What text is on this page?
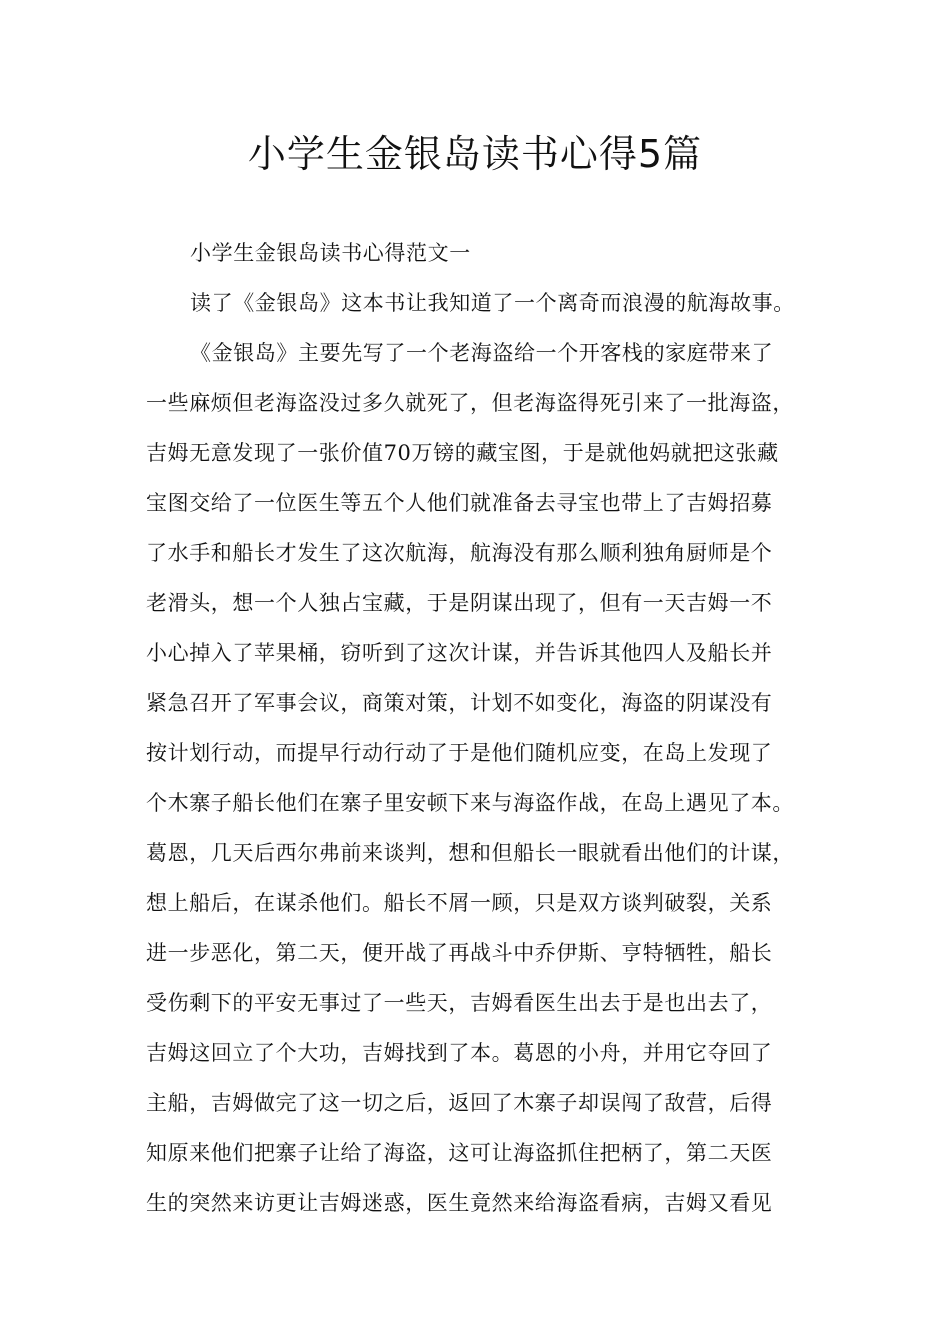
小学生金银岛读书心得5篇
小学生金银岛读书心得范文一
读了《金银岛》这本书让我知道了一个离奇而浪漫的航海故事。
《金银岛》主要先写了一个老海盗给一个开客栈的家庭带来了
一些麻烦但老海盗没过多久就死了，但老海盗得死引来了一批海盗，
吉姆无意发现了一张价值70万镑的藏宝图，于是就他妈就把这张藏
宝图交给了一位医生等五个人他们就准备去寻宝也带上了吉姆招募
了水手和船长才发生了这次航海，航海没有那么顺利独角厨师是个
老滑头，想一个人独占宝藏，于是阴谋出现了，但有一天吉姆一不
小心掉入了苹果桶，窃听到了这次计谋，并告诉其他四人及船长并
紧急召开了军事会议，商策对策，计划不如变化，海盗的阴谋没有
按计划行动，而提早行动行动了于是他们随机应变，在岛上发现了
个木寨子船长他们在寨子里安顿下来与海盗作战，在岛上遇见了本。
葛恩，几天后西尔弗前来谈判，想和但船长一眼就看出他们的计谋，
想上船后，在谋杀他们。船长不屑一顾，只是双方谈判破裂，关系
进一步恶化，第二天，便开战了再战斗中乔伊斯、亨特牺牲，船长
受伤剩下的平安无事过了一些天，吉姆看医生出去于是也出去了，
吉姆这回立了个大功，吉姆找到了本。葛恩的小舟，并用它夺回了
主船，吉姆做完了这一切之后，返回了木寨子却误闯了敌营，后得
知原来他们把寨子让给了海盗，这可让海盗抓住把柄了，第二天医
生的突然来访更让吉姆迷惑，医生竟然来给海盗看病，吉姆又看见
